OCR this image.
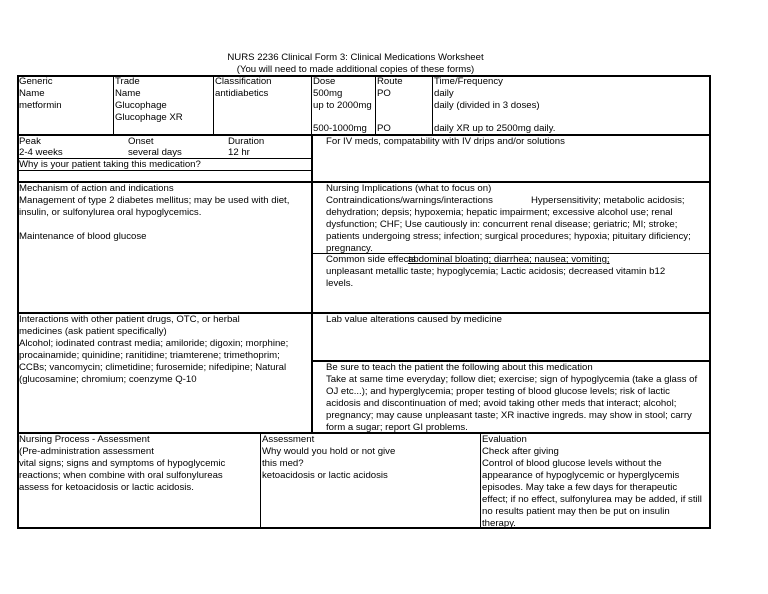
NURS 2236 Clinical Form 3: Clinical Medications Worksheet
(You will need to made additional copies of these forms)
Generic
Name
metformin
Trade
Name
Glucophage
Glucophage XR
Classification
antidiabetics
Dose
500mg
up to 2000mg
500-1000mg
Route
PO
PO
Time/Frequency
daily
daily (divided in 3 doses)
daily XR up to 2500mg daily.
Peak
2-4 weeks
Onset
several days
Duration
12 hr
For IV meds, compatability with IV drips and/or solutions
Why is your patient taking this medication?
Mechanism of action and indications
Management of type 2 diabetes mellitus; may be used with diet, insulin, or sulfonylurea oral hypoglycemics.
Maintenance of blood glucose
Nursing Implications (what to focus on)
Contraindications/warnings/interactions	Hypersensitivity; metabolic acidosis;
dehydration; depsis; hypoxemia; hepatic impairment; excessive alcohol use; renal dysfunction; CHF; Use cautiously in: concurrent renal disease; geriatric; MI; stroke; patients undergoing stress; infection; surgical procedures; hypoxia; pituitary dificiency; pregnancy.
Common side effects
abdominal bloating; diarrhea; nausea; vomiting;
unpleasant metallic taste; hypoglycemia; Lactic acidosis; decreased vitamin b12 levels.
Interactions with other patient drugs, OTC, or herbal medicines (ask patient specifically)
Alcohol; iodinated contrast media; amiloride; digoxin; morphine; procainamide; quinidine; ranitidine; triamterene; trimethoprim; CCBs; vancomycin; climetidine; furosemide; nifedipine; Natural (glucosamine; chromium; coenzyme Q-10
Lab value alterations caused by medicine
Be sure to teach the patient the following about this medication
Take at same time everyday; follow diet; exercise; sign of hypoglycemia (take a glass of OJ etc...); and hyperglycemia; proper testing of blood glucose levels; risk of lactic acidosis and discontinuation of med; avoid taking other meds that interact; alcohol; pregnancy; may cause unpleasant taste; XR inactive ingreds. may show in stool; carry form a sugar; report GI problems.
Nursing Process - Assessment
(Pre-administration assessment
vital signs; signs and symptoms of hypoglycemic reactions; when combine with oral sulfonylureas assess for ketoacidosis or lactic acidosis.
Assessment
Why would you hold or not give this med?
ketoacidosis or lactic acidosis
Evaluation
Check after giving
Control of blood glucose levels without the appearance of hypoglycemic or hyperglycemis episodes. May take a few days for therapeutic effect; if no effect, sulfonylurea may be added, if still no results patient may then be put on insulin therapy.
